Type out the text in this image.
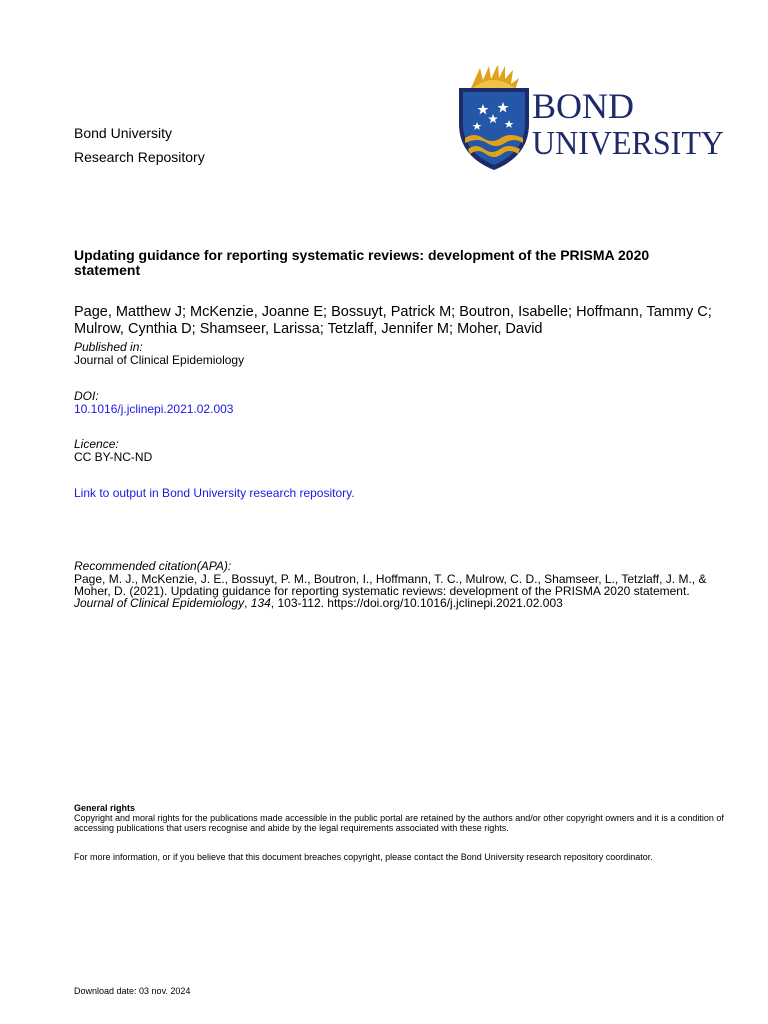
Bond University
Research Repository
BOND
UNIVERSITY
Updating guidance for reporting systematic reviews: development of the PRISMA 2020 statement
Page, Matthew J; McKenzie, Joanne E; Bossuyt, Patrick M; Boutron, Isabelle; Hoffmann, Tammy C; Mulrow, Cynthia D; Shamseer, Larissa; Tetzlaff, Jennifer M; Moher, David
Published in:
Journal of Clinical Epidemiology
DOI:
10.1016/j.jclinepi.2021.02.003
Licence:
CC BY-NC-ND
Link to output in Bond University research repository.
Recommended citation(APA):
Page, M. J., McKenzie, J. E., Bossuyt, P. M., Boutron, I., Hoffmann, T. C., Mulrow, C. D., Shamseer, L., Tetzlaff, J. M., & Moher, D. (2021). Updating guidance for reporting systematic reviews: development of the PRISMA 2020 statement. Journal of Clinical Epidemiology, 134, 103-112. https://doi.org/10.1016/j.jclinepi.2021.02.003
General rights
Copyright and moral rights for the publications made accessible in the public portal are retained by the authors and/or other copyright owners and it is a condition of accessing publications that users recognise and abide by the legal requirements associated with these rights.
For more information, or if you believe that this document breaches copyright, please contact the Bond University research repository coordinator.
Download date: 03 nov. 2024
